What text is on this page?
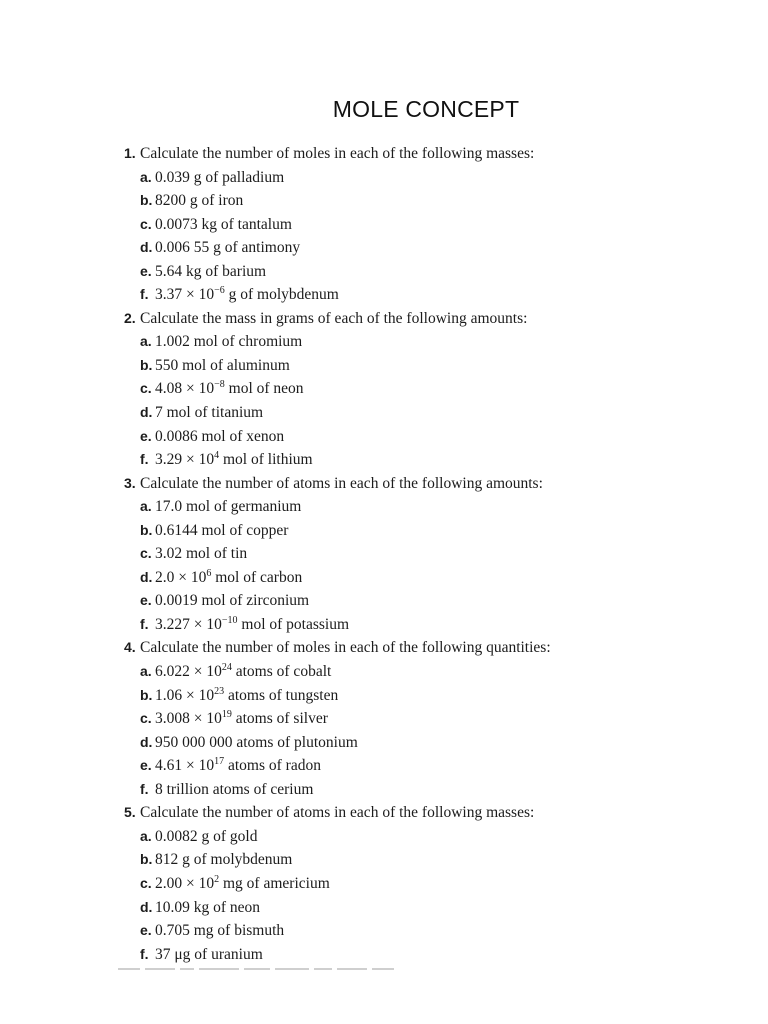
MOLE CONCEPT
1. Calculate the number of moles in each of the following masses:
a. 0.039 g of palladium
b. 8200 g of iron
c. 0.0073 kg of tantalum
d. 0.006 55 g of antimony
e. 5.64 kg of barium
f. $3.37 \times 10^{-6}$ g of molybdenum
2. Calculate the mass in grams of each of the following amounts:
a. 1.002 mol of chromium
b. 550 mol of aluminum
c. $4.08 \times 10^{-8}$ mol of neon
d. 7 mol of titanium
e. 0.0086 mol of xenon
f. $3.29 \times 10^4$ mol of lithium
3. Calculate the number of atoms in each of the following amounts:
a. 17.0 mol of germanium
b. 0.6144 mol of copper
c. 3.02 mol of tin
d. $2.0 \times 10^6$ mol of carbon
e. 0.0019 mol of zirconium
f. $3.227 \times 10^{-10}$ mol of potassium
4. Calculate the number of moles in each of the following quantities:
a. $6.022 \times 10^{24}$ atoms of cobalt
b. $1.06 \times 10^{23}$ atoms of tungsten
c. $3.008 \times 10^{19}$ atoms of silver
d. 950 000 000 atoms of plutonium
e. $4.61 \times 10^{17}$ atoms of radon
f. 8 trillion atoms of cerium
5. Calculate the number of atoms in each of the following masses:
a. 0.0082 g of gold
b. 812 g of molybdenum
c. $2.00 \times 10^2$ mg of americium
d. 10.09 kg of neon
e. 0.705 mg of bismuth
f. 37 μg of uranium
